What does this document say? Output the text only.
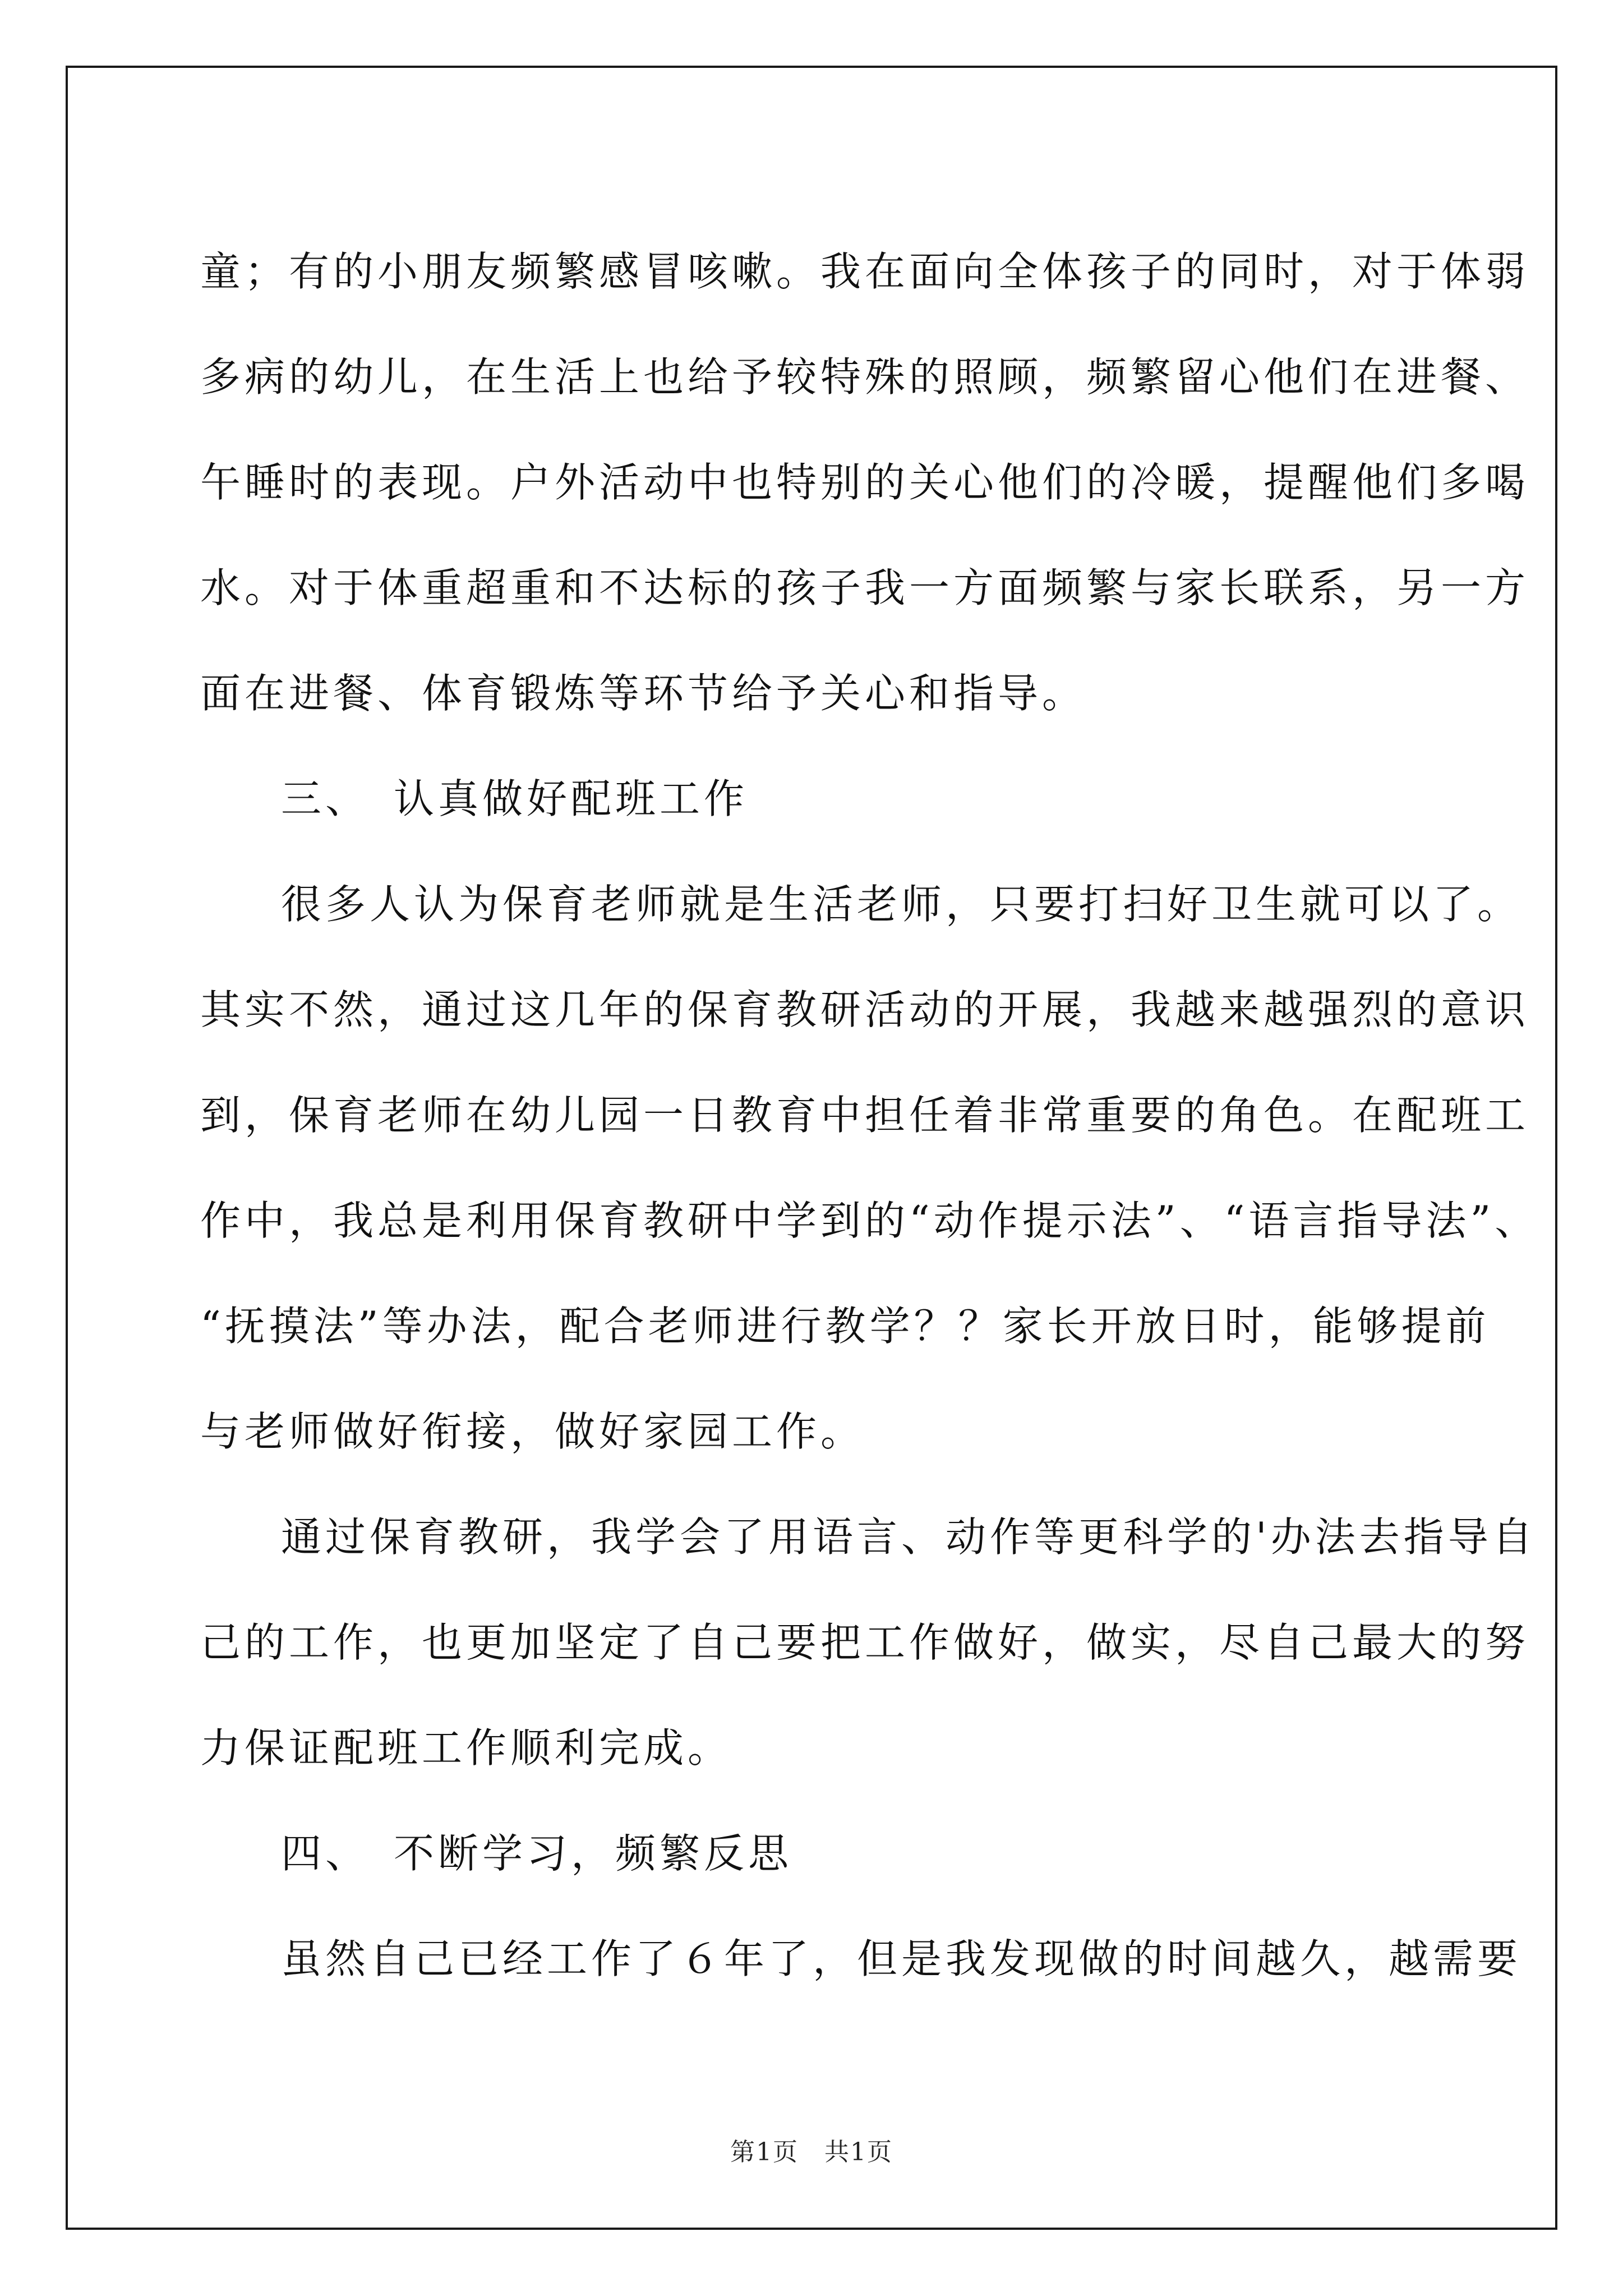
童；有的小朋友频繁感冒咳嗽。我在面向全体孩子的同时，对于体弱
多病的幼儿，在生活上也给予较特殊的照顾，频繁留心他们在进餐、
午睡时的表现。户外活动中也特别的关心他们的冷暖，提醒他们多喝
水。对于体重超重和不达标的孩子我一方面频繁与家长联系，另一方
面在进餐、体育锻炼等环节给予关心和指导。
三、　认真做好配班工作
很多人认为保育老师就是生活老师，只要打扫好卫生就可以了。
其实不然，通过这几年的保育教研活动的开展，我越来越强烈的意识
到，保育老师在幼儿园一日教育中担任着非常重要的角色。在配班工
作中，我总是利用保育教研中学到的“动作提示法”、“语言指导法”、
“抚摸法”等办法，配合老师进行教学？？家长开放日时，能够提前
与老师做好衔接，做好家园工作。
通过保育教研，我学会了用语言、动作等更科学的'办法去指导自
己的工作，也更加坚定了自己要把工作做好，做实，尽自己最大的努
力保证配班工作顺利完成。
四、　不断学习，频繁反思
虽然自己已经工作了６年了，但是我发现做的时间越久，越需要
第1页　共1页
